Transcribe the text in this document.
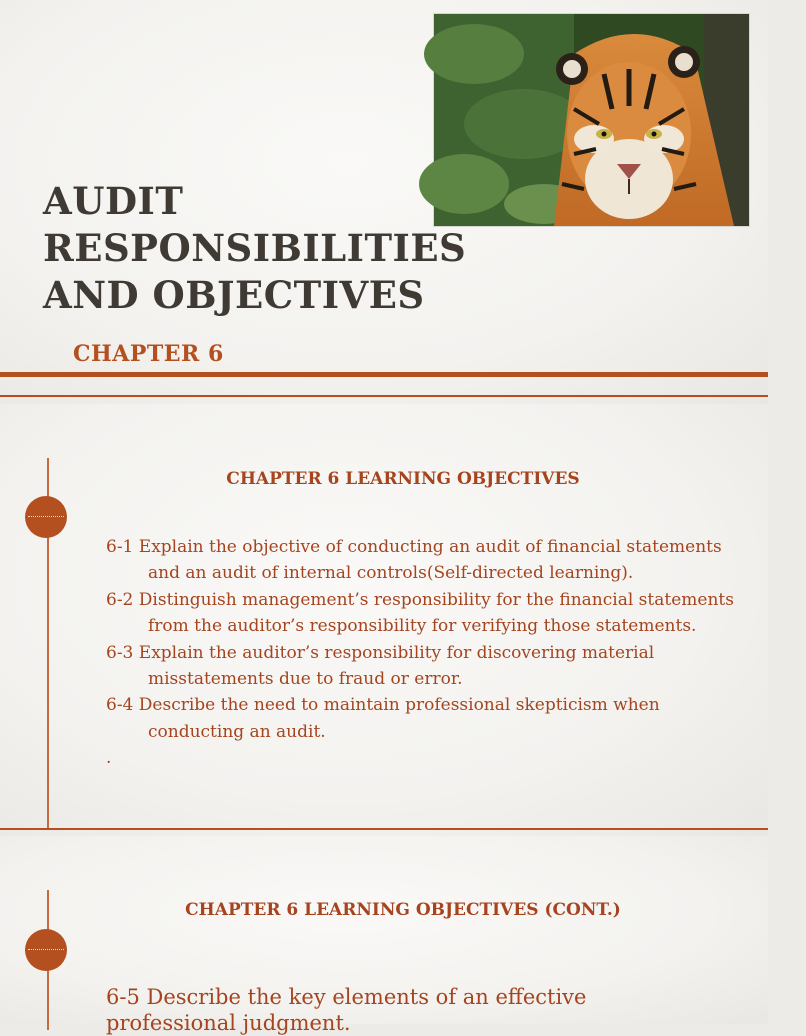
AUDIT
RESPONSIBILITIES
AND OBJECTIVES
CHAPTER 6
CHAPTER 6 LEARNING OBJECTIVES
6-1 Explain the objective of conducting an audit of financial statements
and an audit of internal controls(Self-directed learning).
6-2 Distinguish management’s responsibility for the financial statements
from the auditor’s responsibility for verifying those statements.
6-3 Explain the auditor’s responsibility for discovering material
misstatements due to fraud or error.
6-4 Describe the need to maintain professional skepticism when
conducting an audit.
.
CHAPTER 6 LEARNING OBJECTIVES (CONT.)
6-5 Describe the key elements of an effective
professional judgment.
